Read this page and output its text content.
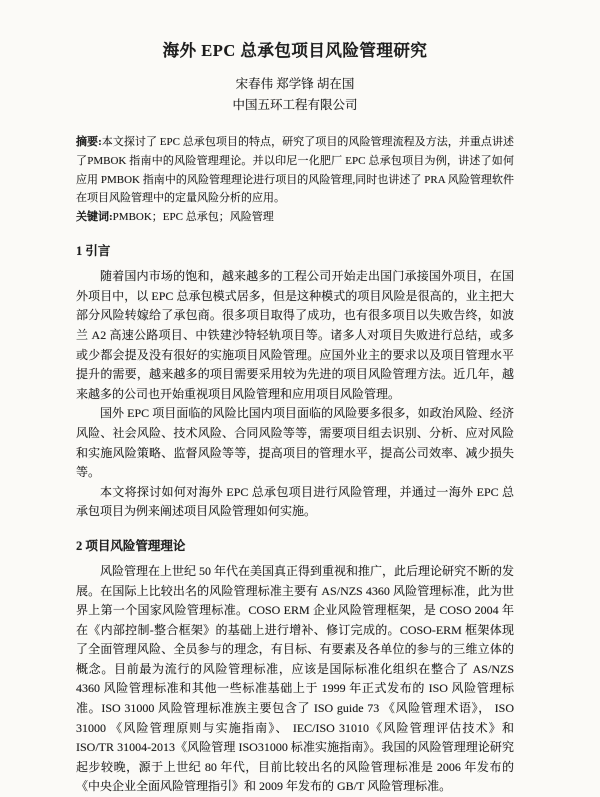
海外 EPC 总承包项目风险管理研究
宋春伟 郑学锋 胡在国
中国五环工程有限公司

摘要:本文探讨了 EPC 总承包项目的特点，研究了项目的风险管理流程及方法，并重点讲述了PMBOK 指南中的风险管理理论。并以印尼一化肥厂 EPC 总承包项目为例，讲述了如何应用 PMBOK 指南中的风险管理理论进行项目的风险管理,同时也讲述了 PRA 风险管理软件在项目风险管理中的定量风险分析的应用。

关键词:PMBOK；EPC 总承包；风险管理

1 引言

随着国内市场的饱和，越来越多的工程公司开始走出国门承接国外项目，在国外项目中，以 EPC 总承包模式居多，但是这种模式的项目风险是很高的，业主把大部分风险转嫁给了承包商。很多项目取得了成功，也有很多项目以失败告终，如波兰 A2 高速公路项目、中铁建沙特轻轨项目等。诸多人对项目失败进行总结，或多或少都会提及没有很好的实施项目风险管理。应国外业主的要求以及项目管理水平提升的需要，越来越多的项目需要采用较为先进的项目风险管理方法。近几年，越来越多的公司也开始重视项目风险管理和应用项目风险管理。

国外 EPC 项目面临的风险比国内项目面临的风险要多很多，如政治风险、经济风险、社会风险、技术风险、合同风险等等，需要项目组去识别、分析、应对风险和实施风险策略、监督风险等等，提高项目的管理水平，提高公司效率、减少损失等。

本文将探讨如何对海外 EPC 总承包项目进行风险管理，并通过一海外 EPC 总承包项目为例来阐述项目风险管理如何实施。

2 项目风险管理理论

风险管理在上世纪 50 年代在美国真正得到重视和推广，此后理论研究不断的发展。在国际上比较出名的风险管理标准主要有 AS/NZS 4360 风险管理标准，此为世界上第一个国家风险管理标准。COSO ERM 企业风险管理框架，是 COSO 2004 年在《内部控制-整合框架》的基础上进行增补、修订完成的。COSO-ERM 框架体现了全面管理风险、全员参与的理念，有目标、有要素及各单位的参与的三维立体的概念。目前最为流行的风险管理标准，应该是国际标准化组织在整合了 AS/NZS 4360 风险管理标准和其他一些标准基础上于 1999 年正式发布的 ISO 风险管理标准。ISO 31000 风险管理标准族主要包含了 ISO guide 73 《风险管理术语》， ISO 31000 《风险管理原则与实施指南》、 IEC/ISO 31010《风险管理评估技术》和 ISO/TR 31004-2013《风险管理 ISO31000 标准实施指南》。我国的风险管理理论研究起步较晚，源于上世纪 80 年代，目前比较出名的风险管理标准是 2006 年发布的《中央企业全面风险管理指引》和 2009 年发布的 GB/T 风险管理标准。
